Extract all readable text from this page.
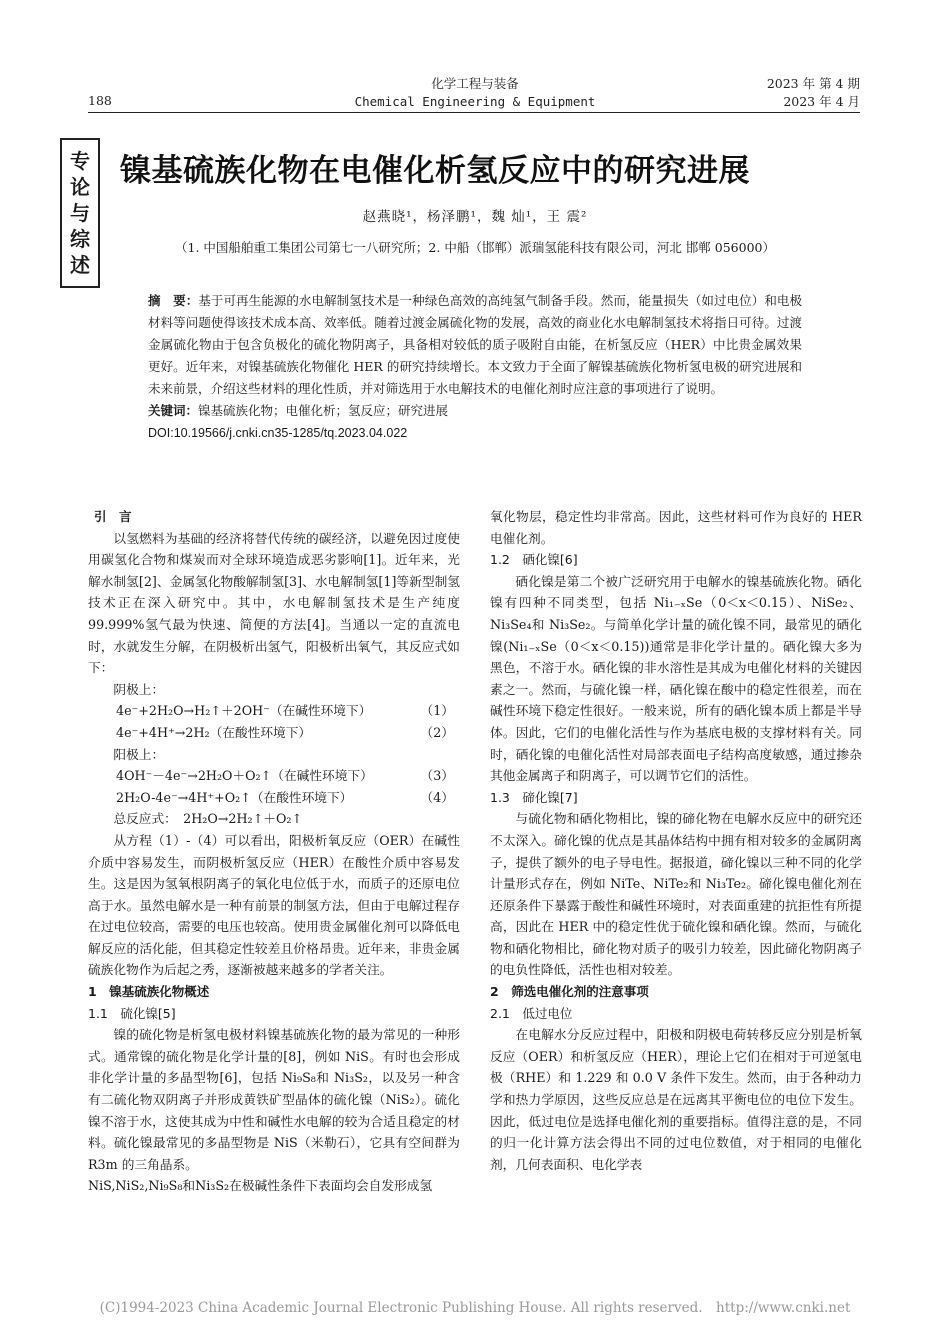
188
化学工程与装备
Chemical Engineering & Equipment
2023 年 第 4 期
2023 年 4 月
专
论
与
综
述
镍基硫族化物在电催化析氢反应中的研究进展
赵燕晓¹，杨泽鹏¹，魏 灿¹，王 震²
（1. 中国船舶重工集团公司第七一八研究所；2. 中船（邯郸）派瑞氢能科技有限公司，河北 邯郸 056000）
摘　要：基于可再生能源的水电解制氢技术是一种绿色高效的高纯氢气制备手段。然而，能量损失（如过电位）和电极材料等问题使得该技术成本高、效率低。随着过渡金属硫化物的发展，高效的商业化水电解制氢技术将指日可待。过渡金属硫化物由于包含负极化的硫化物阴离子，具备相对较低的质子吸附自由能，在析氢反应（HER）中比贵金属效果更好。近年来，对镍基硫族化物催化 HER 的研究持续增长。本文致力于全面了解镍基硫族化物析氢电极的研究进展和未来前景，介绍这些材料的理化性质，并对筛选用于水电解技术的电催化剂时应注意的事项进行了说明。
关键词：镍基硫族化物；电催化析；氢反应；研究进展
DOI:10.19566/j.cnki.cn35-1285/tq.2023.04.022
引　言

以氢燃料为基础的经济将替代传统的碳经济，以避免因过度使用碳氢化合物和煤炭而对全球环境造成恶劣影响[1]。近年来，光解水制氢[2]、金属氢化物酸解制氢[3]、水电解制氢[1]等新型制氢技术正在深入研究中。其中，水电解制氢技术是生产纯度 99.999%氢气最为快速、简便的方法[4]。当通以一定的直流电时，水就发生分解，在阴极析出氢气，阳极析出氧气，其反应式如下：

阴极上：

4e⁻+2H₂O→H₂↑＋2OH⁻（在碱性环境下）	（1）
4e⁻+4H⁺→2H₂（在酸性环境下）	（2）

阳极上：

4OH⁻－4e⁻→2H₂O＋O₂↑（在碱性环境下）	（3）
2H₂O-4e⁻→4H⁺+O₂↑（在酸性环境下）	（4）

总反应式：　2H₂O→2H₂↑＋O₂↑

从方程（1）-（4）可以看出，阳极析氧反应（OER）在碱性介质中容易发生，而阴极析氢反应（HER）在酸性介质中容易发生。这是因为氢氧根阴离子的氧化电位低于水，而质子的还原电位高于水。虽然电解水是一种有前景的制氢方法，但由于电解过程存在过电位较高，需要的电压也较高。使用贵金属催化剂可以降低电解反应的活化能，但其稳定性较差且价格昂贵。近年来，非贵金属硫族化物作为后起之秀，逐渐被越来越多的学者关注。

1　镍基硫族化物概述
1.1　硫化镍[5]

镍的硫化物是析氢电极材料镍基硫族化物的最为常见的一种形式。通常镍的硫化物是化学计量的[8]，例如 NiS。有时也会形成非化学计量的多晶型物[6]，包括 Ni₉S₈和 Ni₃S₂，以及另一种含有二硫化物双阴离子并形成黄铁矿型晶体的硫化镍（NiS₂）。硫化镍不溶于水，这使其成为中性和碱性水电解的较为合适且稳定的材料。硫化镍最常见的多晶型物是 NiS（米勒石），它具有空间群为 R3m 的三角晶系。

NiS,NiS₂,Ni₉S₈和Ni₃S₂在极碱性条件下表面均会自发形成氢

氧化物层，稳定性均非常高。因此，这些材料可作为良好的 HER 电催化剂。

1.2　硒化镍[6]

硒化镍是第二个被广泛研究用于电解水的镍基硫族化物。硒化镍有四种不同类型，包括 Ni₁₋ₓSe（0＜x＜0.15）、NiSe₂、Ni₃Se₄和 Ni₃Se₂。与简单化学计量的硫化镍不同，最常见的硒化镍(Ni₁₋ₓSe（0＜x＜0.15))通常是非化学计量的。硒化镍大多为黑色，不溶于水。硒化镍的非水溶性是其成为电催化材料的关键因素之一。然而，与硫化镍一样，硒化镍在酸中的稳定性很差，而在碱性环境下稳定性很好。一般来说，所有的硒化镍本质上都是半导体。因此，它们的电催化活性与作为基底电极的支撑材料有关。同时，硒化镍的电催化活性对局部表面电子结构高度敏感，通过掺杂其他金属离子和阴离子，可以调节它们的活性。

1.3　碲化镍[7]

与硫化物和硒化物相比，镍的碲化物在电解水反应中的研究还不太深入。碲化镍的优点是其晶体结构中拥有相对较多的金属阴离子，提供了额外的电子导电性。据报道，碲化镍以三种不同的化学计量形式存在，例如 NiTe、NiTe₂和 Ni₃Te₂。碲化镍电催化剂在还原条件下暴露于酸性和碱性环境时，对表面重建的抗拒性有所提高，因此在 HER 中的稳定性优于硫化镍和硒化镍。然而，与硫化物和硒化物相比，碲化物对质子的吸引力较差，因此碲化物阴离子的电负性降低，活性也相对较差。

2　筛选电催化剂的注意事项
2.1　低过电位

在电解水分反应过程中，阳极和阴极电荷转移反应分别是析氧反应（OER）和析氢反应（HER），理论上它们在相对于可逆氢电极（RHE）和 1.229 和 0.0 V 条件下发生。然而，由于各种动力学和热力学原因，这些反应总是在远离其平衡电位的电位下发生。因此，低过电位是选择电催化剂的重要指标。值得注意的是，不同的归一化计算方法会得出不同的过电位数值，对于相同的电催化剂，几何表面积、电化学表

(C)1994-2023 China Academic Journal Electronic Publishing House. All rights reserved.　http://www.cnki.net
